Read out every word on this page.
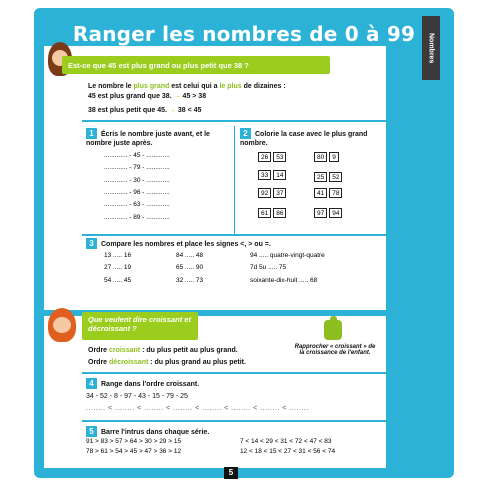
Ranger les nombres de 0 à 99	Nombres
Est-ce que 45 est plus grand ou plus petit que 38 ?
Le nombre le plus grand est celui qui a le plus de dizaines :
45 est plus grand que 38. → 45 > 38
38 est plus petit que 45. → 38 < 45
1 Écris le nombre juste avant, et le nombre juste après.
............. - 45 - .............
............. - 79 - .............
............. - 30 - .............
............. - 96 - .............
............. - 63 - .............
............. - 89 - .............
2 Colorie la case avec le plus grand nombre.
26	53	80	9
33	14	25	52
92	37	41	78
61	86	97	94
3 Compare les nombres et place les signes <, > ou =.
13 ..... 16
27 ..... 19
54 ..... 45
84 ..... 48
65 ..... 90
32 ..... 73
94 ..... quatre-vingt-quatre
7d 5u ..... 75
soixante-dix-huit ..... 68
Que veulent dire croissant et décroissant ?
Rapprocher « croissant » de la croissance de l'enfant.
Ordre croissant : du plus petit au plus grand.
Ordre décroissant : du plus grand au plus petit.
4 Range dans l'ordre croissant.
34 - 52 - 8 - 97 - 43 - 15 - 79 - 25
........ < ........ < ........ < ........ < ........ < ........ < ........ < ........
5 Barre l'intrus dans chaque série.
91 > 83 > 57 > 64 > 30 > 29 > 15
78 > 61 > 54 > 45 > 47 > 36 > 12
7 < 14 < 29 < 31 < 72 < 47 < 83
12 < 18 < 15 < 27 < 31 < 56 < 74
5
